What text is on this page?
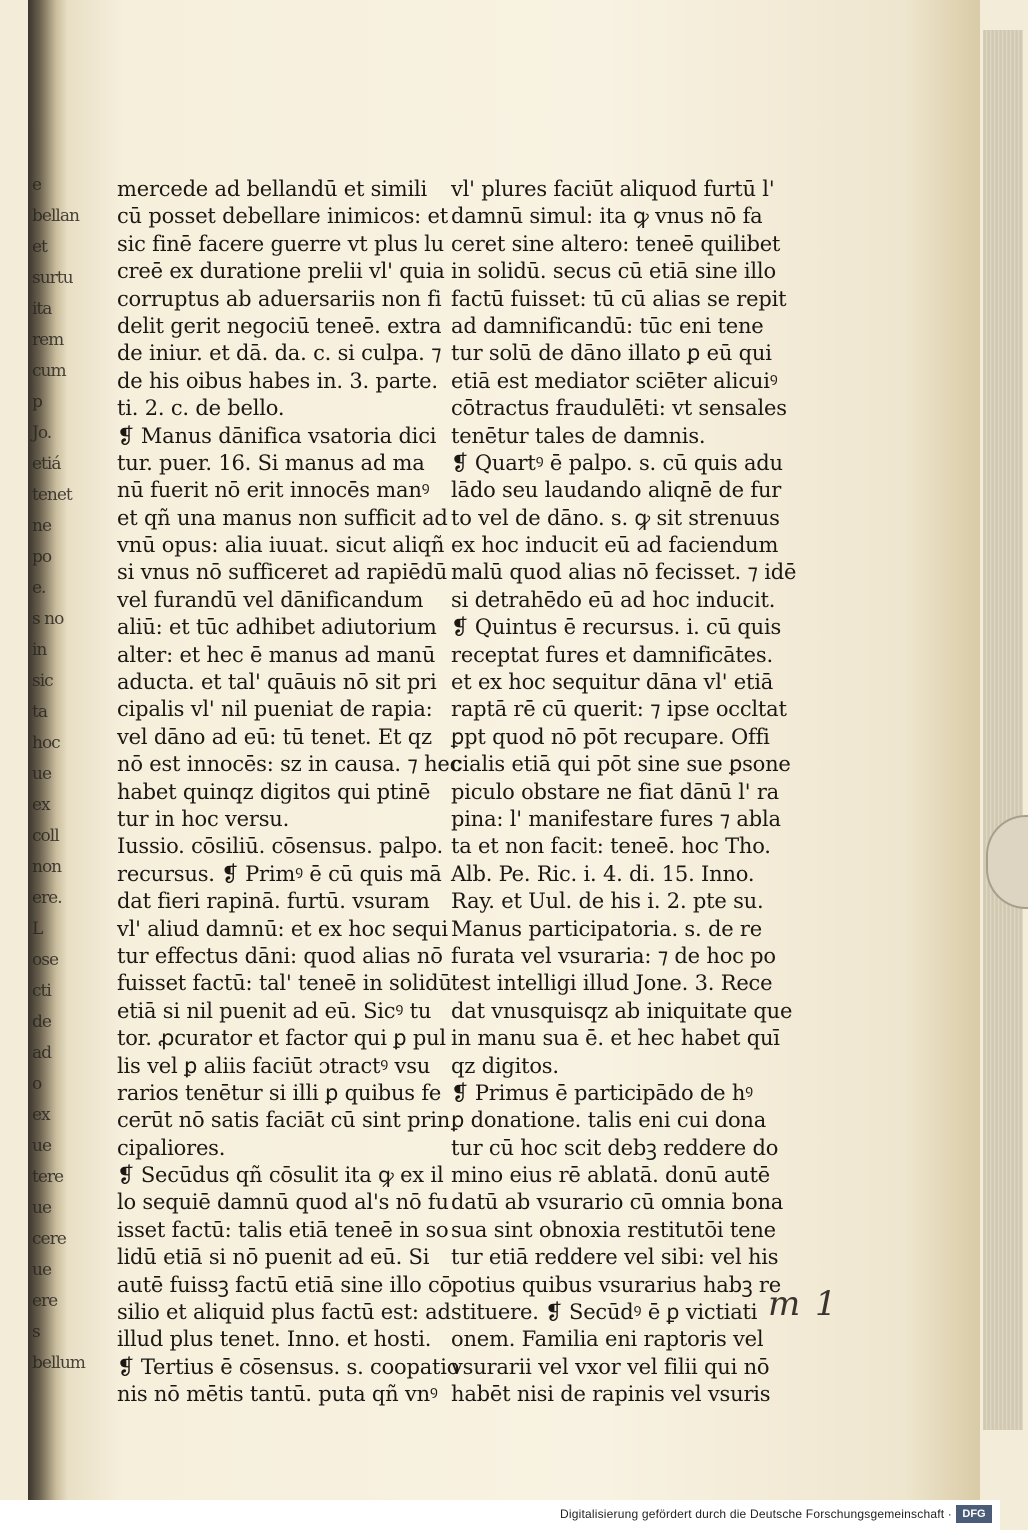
e bellan
et surtu
ita rem
cum p
Jo.
etiá
tenet
ne po
e.
s no
in
sic
ta
hoc
ue ex
coll
non
ere. L
ose
cti
de
ad
o
ex
ue
tere
ue
cere
ue
ere
s
bellum
mercede ad bellandū et simili
cū posset debellare inimicos: et
sic finē facere guerre vt plus lu
creē ex duratione prelii vl' quia
corruptus ab aduersariis non fi
delit gerit negociū teneē. extra
de iniur. et dā. da. c. si culpa. ⁊
de his oibus habes in. 3. parte.
ti. 2. c. de bello.
❡ Manus dānifica vsatoria dici
tur. puer. 16. Si manus ad ma
nū fuerit nō erit innocēs manꝰ
et qñ una manus non sufficit ad
vnū opus: alia iuuat. sicut aliqñ
si vnus nō sufficeret ad rapiēdū
vel furandū vel dānificandum
aliū: et tūc adhibet adiutorium
alter: et hec ē manus ad manū
aducta. et tal' quāuis nō sit pri
cipalis vl' nil pueniat de rapia:
vel dāno ad eū: tū tenet. Et qz
nō est innocēs: sz in causa. ⁊ hec
habet quinqz digitos qui ptinē
tur in hoc versu.
Iussio. cōsiliū. cōsensus. palpo.
recursus. ❡ Primꝰ ē cū quis mā
dat fieri rapinā. furtū. vsuram
vl' aliud damnū: et ex hoc sequi
tur effectus dāni: quod alias nō
fuisset factū: tal' teneē in solidū
etiā si nil puenit ad eū. Sicꝰ tu
tor. ꝓcurator et factor qui ꝑ pul
lis vel ꝑ aliis faciūt ɔtractꝰ vsu
rarios tenētur si illi ꝑ quibus fe
cerūt nō satis faciāt cū sint prin
cipaliores.
❡ Secūdus qñ cōsulit ita ꝙ ex il
lo sequiē damnū quod al's nō fu
isset factū: talis etiā teneē in so
lidū etiā si nō puenit ad eū. Si
autē fuissꝫ factū etiā sine illo cō
silio et aliquid plus factū est: ad
illud plus tenet. Inno. et hosti.
❡ Tertius ē cōsensus. s. coopatio
nis nō mētis tantū. puta qñ vnꝰ
vl' plures faciūt aliquod furtū l'
damnū simul: ita ꝙ vnus nō fa
ceret sine altero: teneē quilibet
in solidū. secus cū etiā sine illo
factū fuisset: tū cū alias se repit
ad damnificandū: tūc eni tene
tur solū de dāno illato ꝑ eū qui
etiā est mediator sciēter alicuiꝰ
cōtractus fraudulēti: vt sensales
tenētur tales de damnis.
❡ Quartꝰ ē palpo. s. cū quis adu
lādo seu laudando aliqnē de fur
to vel de dāno. s. ꝙ sit strenuus
ex hoc inducit eū ad faciendum
malū quod alias nō fecisset. ⁊ idē
si detrahēdo eū ad hoc inducit.
❡ Quintus ē recursus. i. cū quis
receptat fures et damnificātes.
et ex hoc sequitur dāna vl' etiā
raptā rē cū querit: ⁊ ipse occltat
ꝑpt quod nō pōt recupare. Offi
cialis etiā qui pōt sine sue ꝑsone
piculo obstare ne fiat dānū l' ra
pina: l' manifestare fures ⁊ abla
ta et non facit: teneē. hoc Tho.
Alb. Pe. Ric. i. 4. di. 15. Inno.
Ray. et Uul. de his i. 2. pte su.
Manus participatoria. s. de re
furata vel vsuraria: ⁊ de hoc po
test intelligi illud Jone. 3. Rece
dat vnusquisqz ab iniquitate que
in manu sua ē. et hec habet quī
qz digitos.
❡ Primus ē participādo de hꝰ
ꝑ donatione. talis eni cui dona
tur cū hoc scit debꝫ reddere do
mino eius rē ablatā. donū autē
datū ab vsurario cū omnia bona
sua sint obnoxia restitutōi tene
tur etiā reddere vel sibi: vel his
potius quibus vsurarius habꝫ re
stituere. ❡ Secūdꝰ ē ꝑ victiati
onem. Familia eni raptoris vel
vsurarii vel vxor vel filii qui nō
habēt nisi de rapinis vel vsuris
m 1
Digitalisierung gefördert durch die Deutsche Forschungsgemeinschaft · DFG
